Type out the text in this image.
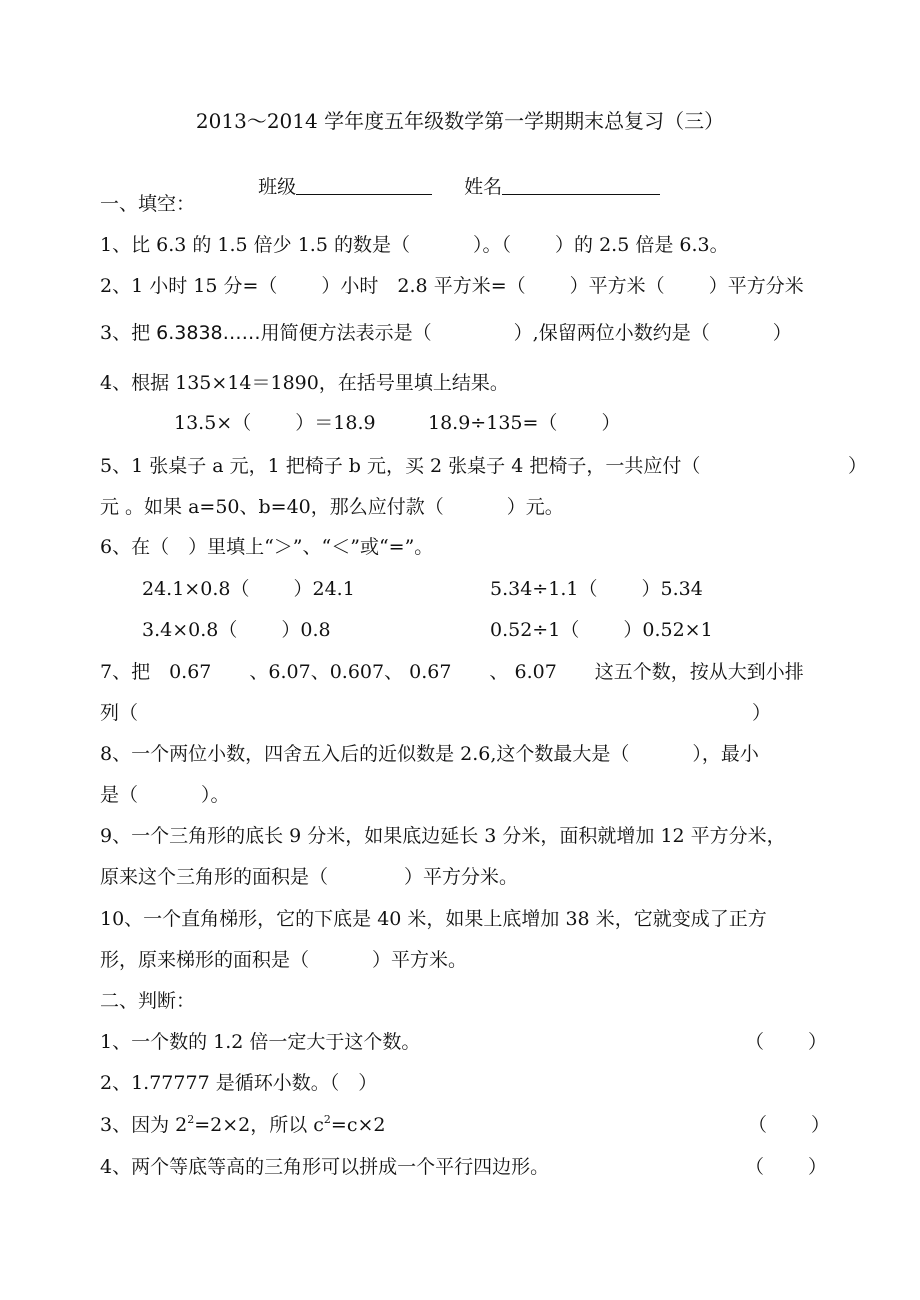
2013～2014 学年度五年级数学第一学期期末总复习（三）

班级	姓名

一、填空：
1、比 6.3 的 1.5 倍少 1.5 的数是（　　　 ）。（　　 ）的 2.5 倍是 6.3。
2、1 小时 15 分=（　　 ）小时　2.8 平方米=（　　 ）平方米（　　 ）平方分米
3、把 6.3838……用简便方法表示是（　　　　 ）,保留两位小数约是（　　　 ）
4、根据 135×14＝1890，在括号里填上结果。
13.5×（　　 ）＝18.9	18.9÷135=（　　 ）
5、1 张桌子 a 元，1 把椅子 b 元，买 2 张桌子 4 把椅子，一共应付（	）
元 。如果 a=50、b=40，那么应付款（　　　 ）元。
6、在（　）里填上“＞”、“＜”或“=”。
24.1×0.8（　　 ）24.1	5.34÷1.1（　　 ）5.34
3.4×0.8（　　 ）0.8	0.52÷1（　　 ）0.52×1
7、把　0.67　　、6.07、0.607、 0.67　　、 6.07　　这五个数，按从大到小排
列（	）
8、一个两位小数，四舍五入后的近似数是 2.6,这个数最大是（　　　 ），最小
是（　　　 ）。
9、一个三角形的底长 9 分米，如果底边延长 3 分米，面积就增加 12 平方分米，
原来这个三角形的面积是（　　　　）平方分米。
10、一个直角梯形，它的下底是 40 米，如果上底增加 38 米，它就变成了正方
形，原来梯形的面积是（　　　 ）平方米。
二、判断：
1、一个数的 1.2 倍一定大于这个数。	（　　 ）
2、1.77777 是循环小数。（　）
3、因为 $2^2=2\times 2$，所以 $c^2=c\times 2$	（　　 ）
4、两个等底等高的三角形可以拼成一个平行四边形。	（　　 ）
